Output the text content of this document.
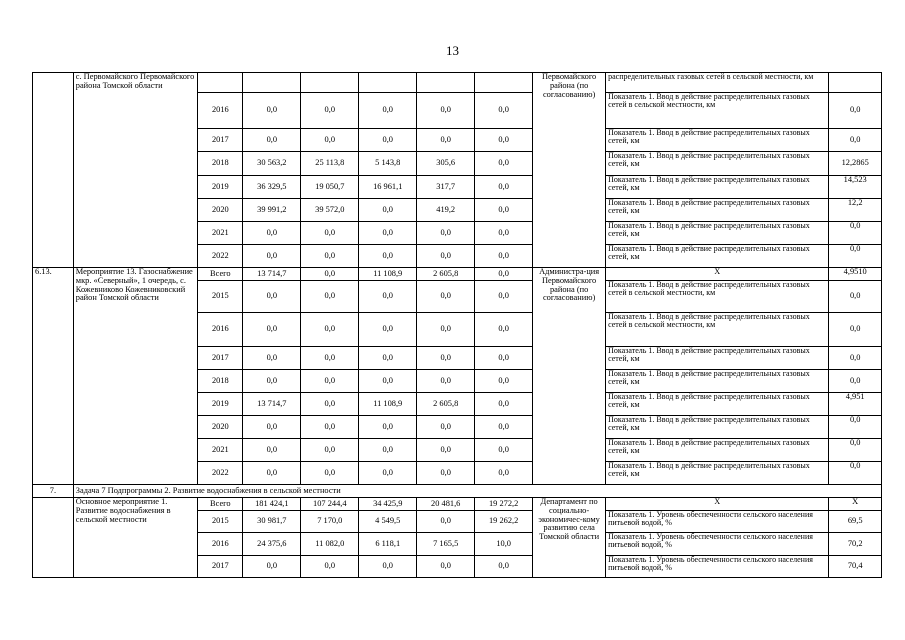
13
	с. Первомайского Первомайского района Томской области							Первомайского района (по согласованию)	распределительных газовых сетей в сельской местности, км	
		2016	0,0	0,0	0,0	0,0	0,0		Показатель 1. Ввод в действие распределительных газовых сетей в сельской местности, км	0,0
		2017	0,0	0,0	0,0	0,0	0,0		Показатель 1. Ввод в действие распределительных газовых сетей, км	0,0
		2018	30 563,2	25 113,8	5 143,8	305,6	0,0		Показатель 1. Ввод в действие распределительных газовых сетей, км	12,2865
		2019	36 329,5	19 050,7	16 961,1	317,7	0,0		Показатель 1. Ввод в действие распределительных газовых сетей, км	14,523
		2020	39 991,2	39 572,0	0,0	419,2	0,0		Показатель 1. Ввод в действие распределительных газовых сетей, км	12,2
		2021	0,0	0,0	0,0	0,0	0,0		Показатель 1. Ввод в действие распределительных газовых сетей, км	0,0
		2022	0,0	0,0	0,0	0,0	0,0		Показатель 1. Ввод в действие распределительных газовых сетей, км	0,0
6.13.	Мероприятие 13. Газоснабжение мкр. «Северный», 1 очередь, с. Кожевниково Кожевниковский район Томской области	Всего	13 714,7	0,0	11 108,9	2 605,8	0,0	Администра-ция Первомайского района (по согласованию)	Х	4,9510
		2015	0,0	0,0	0,0	0,0	0,0		Показатель 1. Ввод в действие распределительных газовых сетей в сельской местности, км	0,0
		2016	0,0	0,0	0,0	0,0	0,0		Показатель 1. Ввод в действие распределительных газовых сетей в сельской местности, км	0,0
		2017	0,0	0,0	0,0	0,0	0,0		Показатель 1. Ввод в действие распределительных газовых сетей, км	0,0
		2018	0,0	0,0	0,0	0,0	0,0		Показатель 1. Ввод в действие распределительных газовых сетей, км	0,0
		2019	13 714,7	0,0	11 108,9	2 605,8	0,0		Показатель 1. Ввод в действие распределительных газовых сетей, км	4,951
		2020	0,0	0,0	0,0	0,0	0,0		Показатель 1. Ввод в действие распределительных газовых сетей, км	0,0
		2021	0,0	0,0	0,0	0,0	0,0		Показатель 1. Ввод в действие распределительных газовых сетей, км	0,0
		2022	0,0	0,0	0,0	0,0	0,0		Показатель 1. Ввод в действие распределительных газовых сетей, км	0,0
7.	Задача 7 Подпрограммы 2. Развитие водоснабжения в сельской местности									
	Основное мероприятие 1. Развитие водоснабжения в сельской местности	Всего	181 424,1	107 244,4	34 425,9	20 481,6	19 272,2	Департамент по социально-экономичес-кому развитию села Томской области	Х	Х
		2015	30 981,7	7 170,0	4 549,5	0,0	19 262,2		Показатель 1. Уровень обеспеченности сельского населения питьевой водой, %	69,5
		2016	24 375,6	11 082,0	6 118,1	7 165,5	10,0		Показатель 1. Уровень обеспеченности сельского населения питьевой водой, %	70,2
		2017	0,0	0,0	0,0	0,0	0,0		Показатель 1. Уровень обеспеченности сельского населения питьевой водой, %	70,4
